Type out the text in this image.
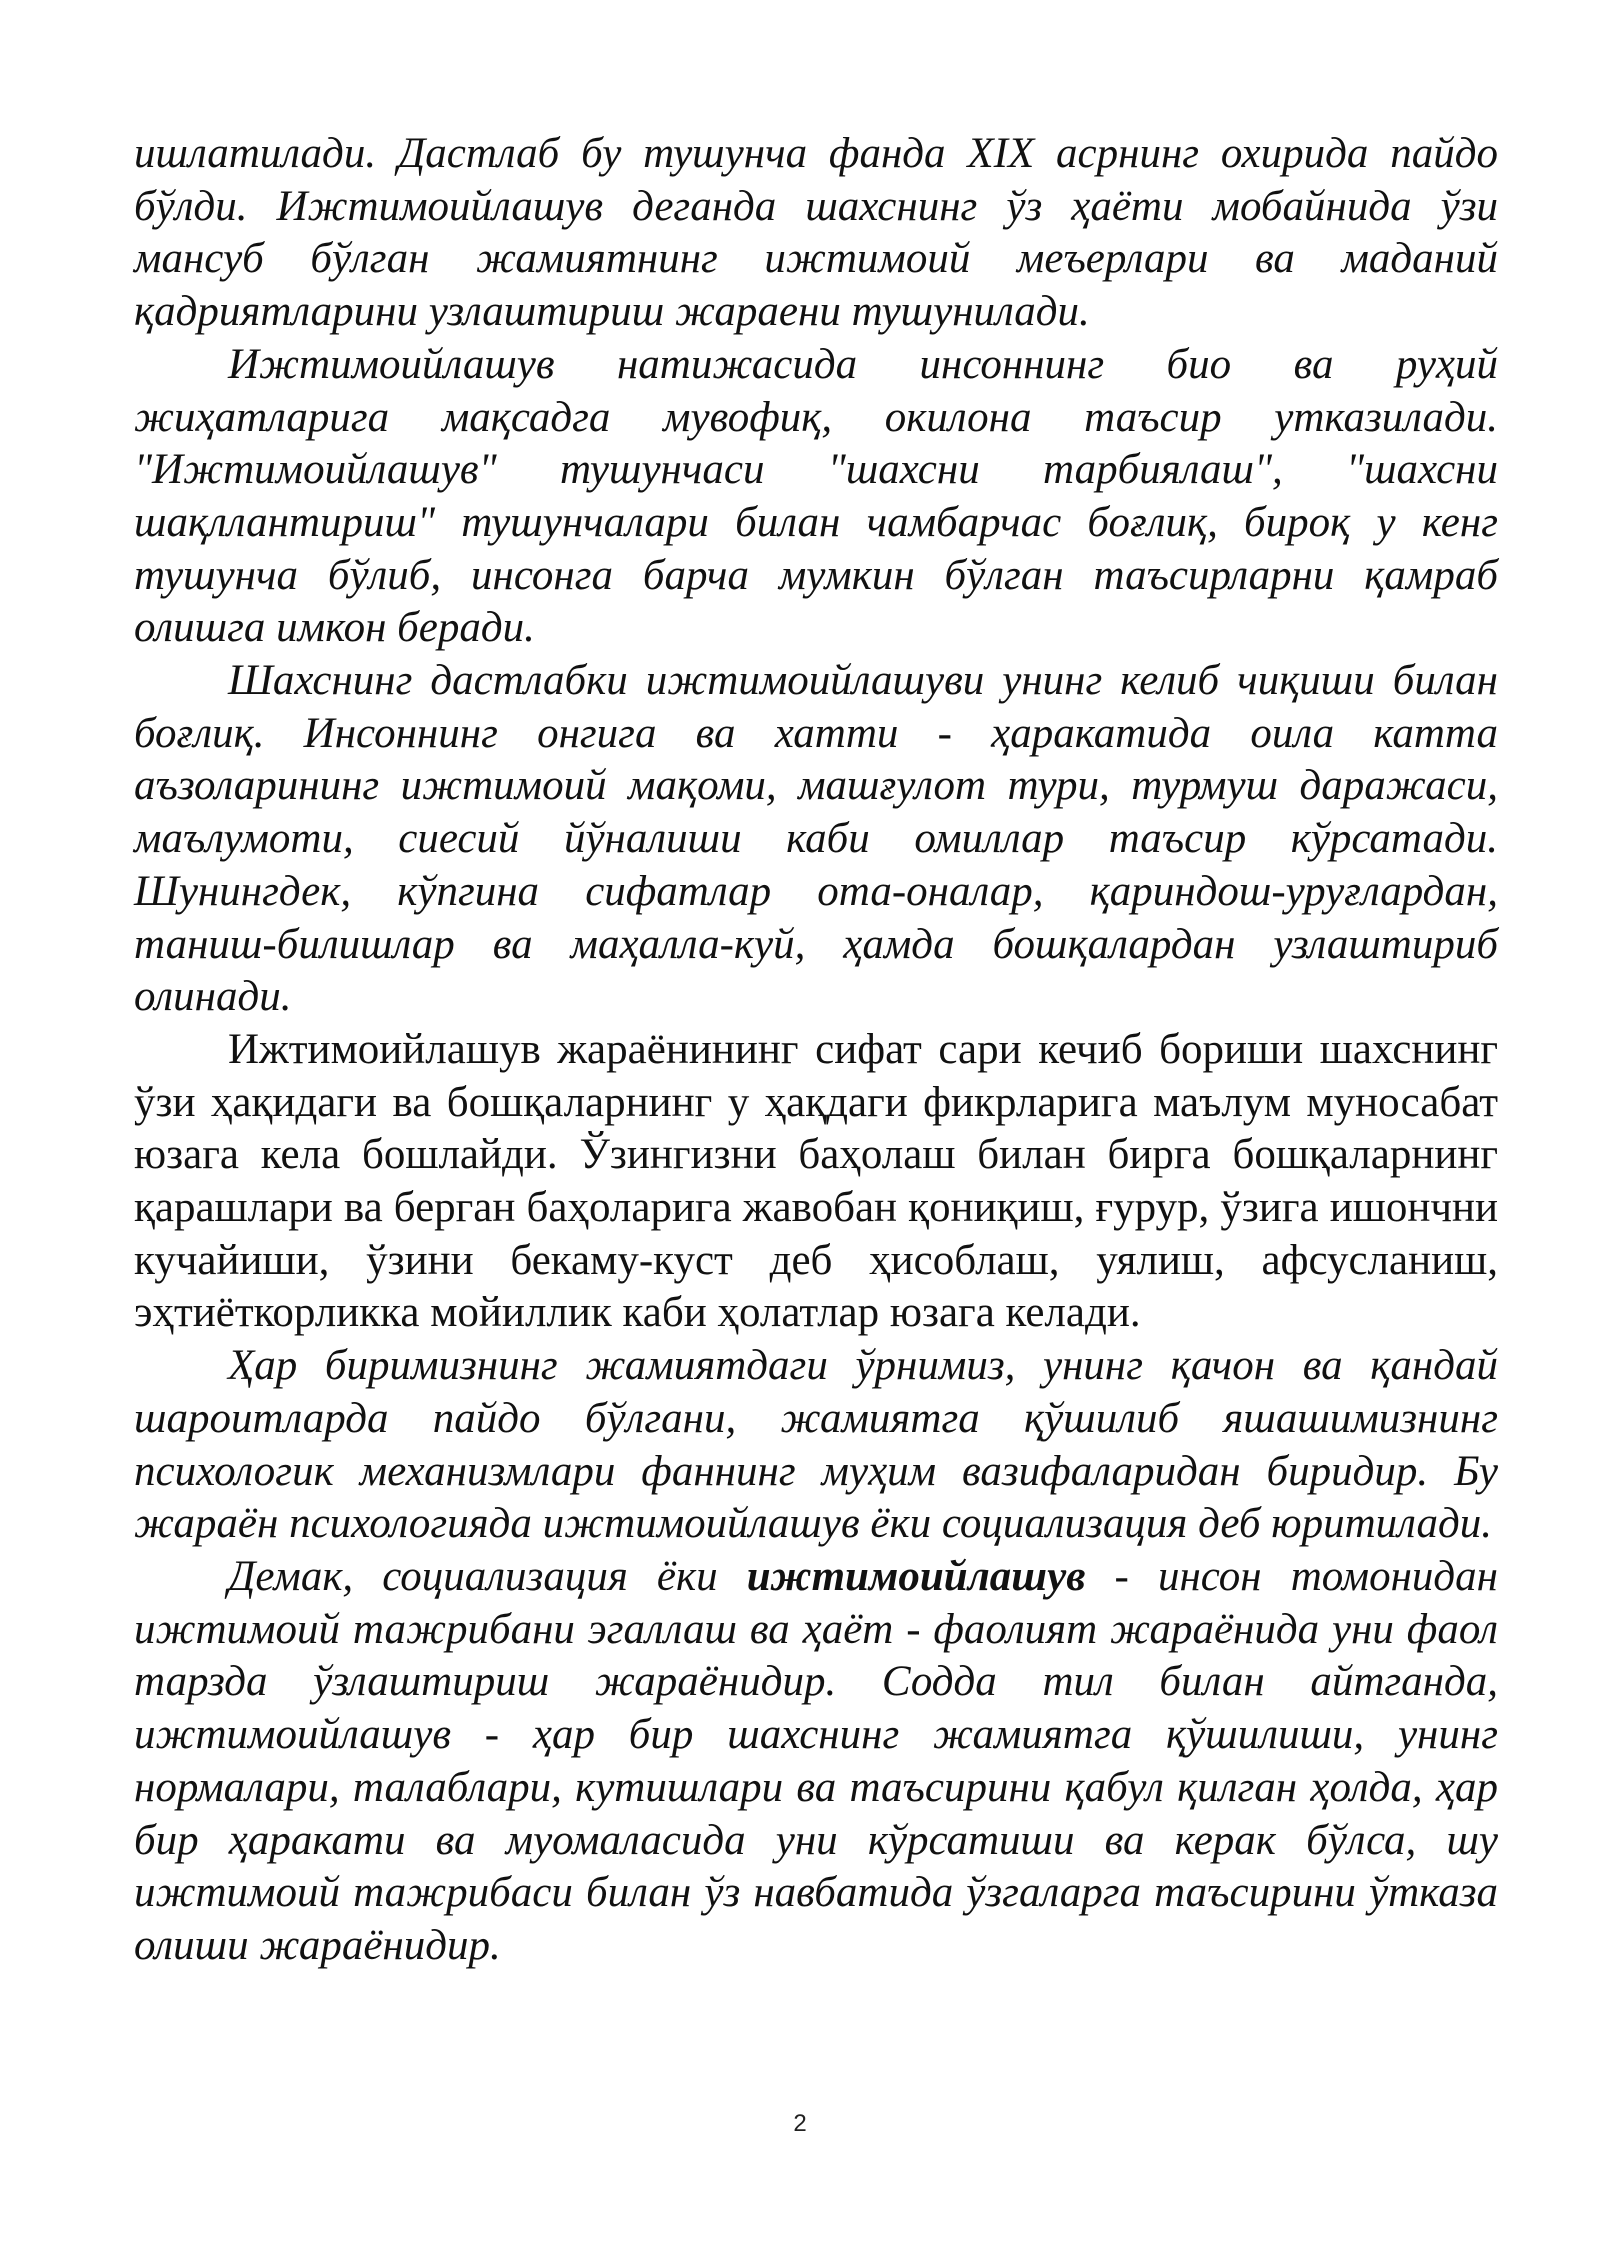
ишлатилади. Дастлаб бу тушунча фанда XIX асрнинг охирида пайдо бўлди. Ижтимоийлашув деганда шахснинг ўз ҳаёти мобайнида ўзи мансуб бўлган жамиятнинг ижтимоий меъерлари ва маданий қадриятларини узлаштириш жараени тушунилади.

Ижтимоийлашув натижасида инсоннинг био ва руҳий жиҳатларига мақсадга мувофиқ, окилона таъсир утказилади. "Ижтимоийлашув" тушунчаси "шахсни тарбиялаш", "шахсни шақллантириш" тушунчалари билан чамбарчас боғлиқ, бироқ у кенг тушунча бўлиб, инсонга барча мумкин бўлган таъсирларни қамраб олишга имкон беради.

Шахснинг дастлабки ижтимоийлашуви унинг келиб чиқиши билан боғлиқ. Инсоннинг онгига ва хатти - ҳаракатида оила катта аъзоларининг ижтимоий мақоми, машғулот тури, турмуш даражаси, маълумоти, сиесий йўналиши каби омиллар таъсир кўрсатади. Шунингдек, кўпгина сифатлар ота-оналар, қариндош-уруғлардан, таниш-билишлар ва маҳалла-куй, ҳамда бошқалардан узлаштириб олинади.

Ижтимоийлашув жараёнининг сифат сари кечиб бориши шахснинг ўзи ҳақидаги ва бошқаларнинг у ҳақдаги фикрларига маълум муносабат юзага кела бошлайди. Ўзингизни баҳолаш билан бирга бошқаларнинг қарашлари ва берган баҳоларига жавобан қониқиш, ғурур, ўзига ишончни кучайиши, ўзини бекаму-куст деб ҳисоблаш, уялиш, афсусланиш, эҳтиёткорликка мойиллик каби ҳолатлар юзага келади.

Ҳар биримизнинг жамиятдаги ўрнимиз, унинг қачон ва қандай шароитларда пайдо бўлгани, жамиятга қўшилиб яшашимизнинг психологик механизмлари фаннинг муҳим вазифаларидан биридир. Бу жараён психологияда ижтимоийлашув ёки социализация деб юритилади.

Демак, социализация ёки ижтимоийлашув - инсон томонидан ижтимоий тажрибани эгаллаш ва ҳаёт - фаолият жараёнида уни фаол тарзда ўзлаштириш жараёнидир. Содда тил билан айтганда, ижтимоийлашув - ҳар бир шахснинг жамиятга қўшилиши, унинг нормалари, талаблари, кутишлари ва таъсирини қабул қилган ҳолда, ҳар бир ҳаракати ва муомаласида уни кўрсатиши ва керак бўлса, шу ижтимоий тажрибаси билан ўз навбатида ўзгаларга таъсирини ўтказа олиши жараёнидир.

2
